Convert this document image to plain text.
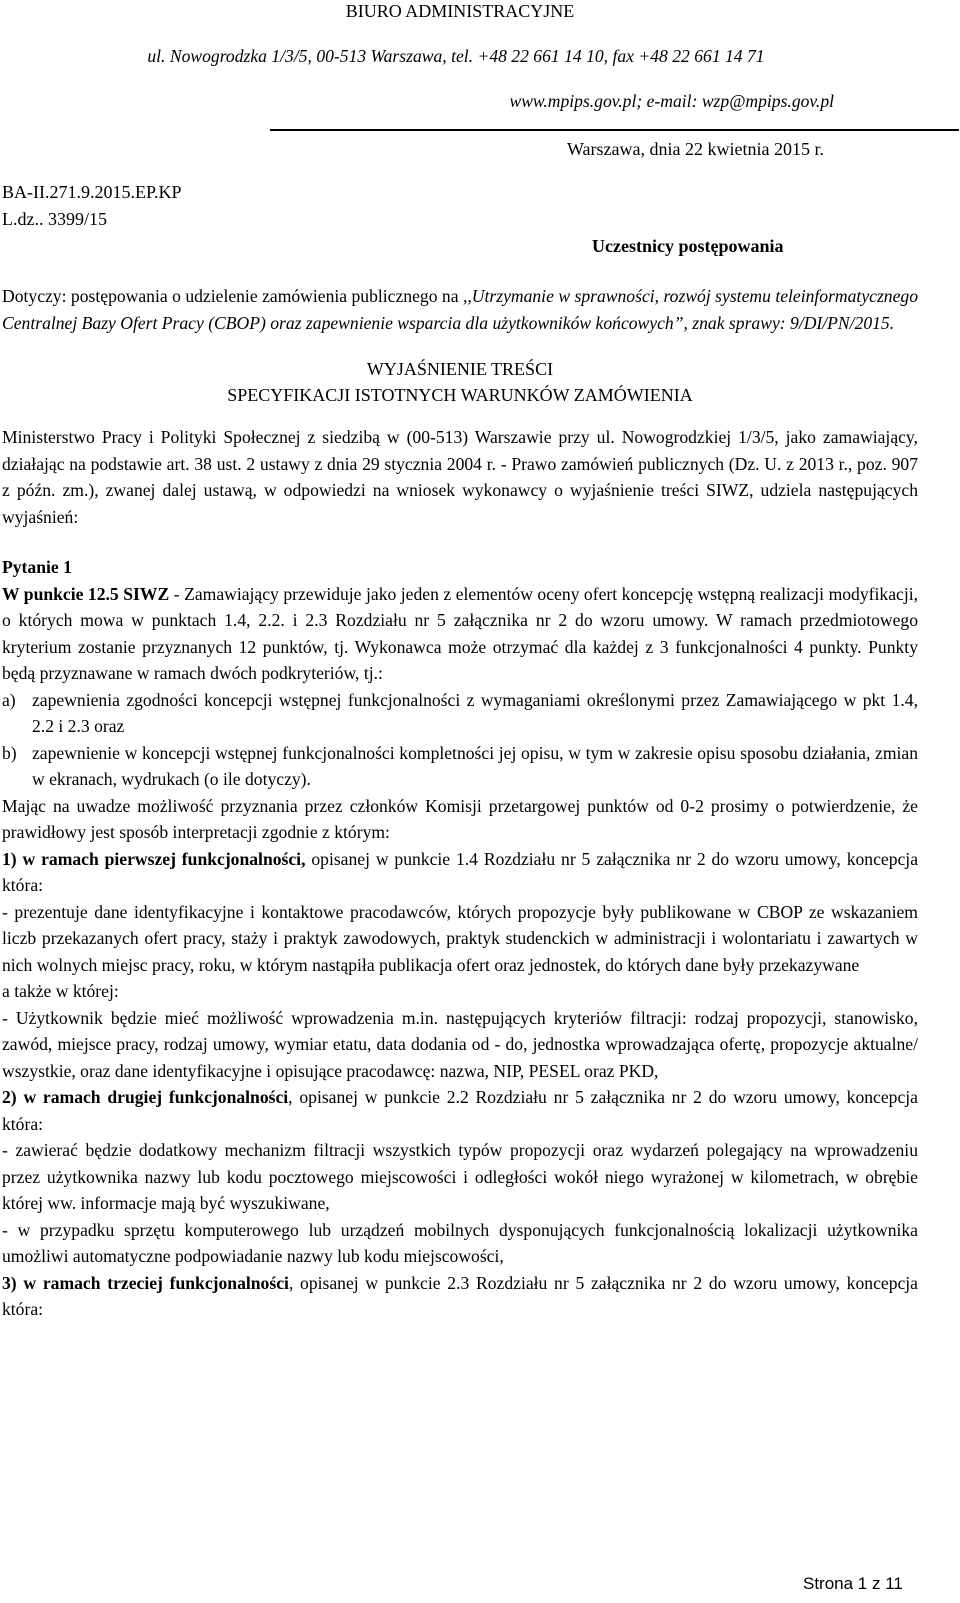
BIURO ADMINISTRACYJNE
ul. Nowogrodzka 1/3/5, 00-513 Warszawa, tel. +48 22 661 14 10, fax +48 22 661 14 71
www.mpips.gov.pl; e-mail: wzp@mpips.gov.pl
Warszawa, dnia 22 kwietnia 2015 r.
BA-II.271.9.2015.EP.KP
L.dz.. 3399/15
Uczestnicy postępowania

Dotyczy: postępowania o udzielenie zamówienia publicznego na ,,Utrzymanie w sprawności, rozwój systemu teleinformatycznego Centralnej Bazy Ofert Pracy (CBOP) oraz zapewnienie wsparcia dla użytkowników końcowych”, znak sprawy: 9/DI/PN/2015.

WYJAŚNIENIE TREŚCI
SPECYFIKACJI ISTOTNYCH WARUNKÓW ZAMÓWIENIA

Ministerstwo Pracy i Polityki Społecznej z siedzibą w (00-513) Warszawie przy ul. Nowogrodzkiej 1/3/5, jako zamawiający, działając na podstawie art. 38 ust. 2 ustawy z dnia 29 stycznia 2004 r. - Prawo zamówień publicznych (Dz. U. z 2013 r., poz. 907 z późn. zm.), zwanej dalej ustawą, w odpowiedzi na wniosek wykonawcy o wyjaśnienie treści SIWZ, udziela następujących wyjaśnień:

Pytanie 1

W punkcie 12.5 SIWZ - Zamawiający przewiduje jako jeden z elementów oceny ofert koncepcję wstępną realizacji modyfikacji, o których mowa w punktach 1.4, 2.2. i 2.3 Rozdziału nr 5 załącznika nr 2 do wzoru umowy. W ramach przedmiotowego kryterium zostanie przyznanych 12 punktów, tj. Wykonawca może otrzymać dla każdej z 3 funkcjonalności 4 punkty. Punkty będą przyznawane w ramach dwóch podkryteriów, tj.:

a) zapewnienia zgodności koncepcji wstępnej funkcjonalności z wymaganiami określonymi przez Zamawiającego w pkt 1.4, 2.2 i 2.3 oraz
b) zapewnienie w koncepcji wstępnej funkcjonalności kompletności jej opisu, w tym w zakresie opisu sposobu działania, zmian w ekranach, wydrukach (o ile dotyczy).

Mając na uwadze możliwość przyznania przez członków Komisji przetargowej punktów od 0-2 prosimy o potwierdzenie, że prawidłowy jest sposób interpretacji zgodnie z którym:

1) w ramach pierwszej funkcjonalności, opisanej w punkcie 1.4 Rozdziału nr 5 załącznika nr 2 do wzoru umowy, koncepcja która:

- prezentuje dane identyfikacyjne i kontaktowe pracodawców, których propozycje były publikowane w CBOP ze wskazaniem liczb przekazanych ofert pracy, staży i praktyk zawodowych, praktyk studenckich w administracji i wolontariatu i zawartych w nich wolnych miejsc pracy, roku, w którym nastąpiła publikacja ofert oraz jednostek, do których dane były przekazywane

a także w której:

- Użytkownik będzie mieć możliwość wprowadzenia m.in. następujących kryteriów filtracji: rodzaj propozycji, stanowisko, zawód, miejsce pracy, rodzaj umowy, wymiar etatu, data dodania od - do, jednostka wprowadzająca ofertę, propozycje aktualne/ wszystkie, oraz dane identyfikacyjne i opisujące pracodawcę: nazwa, NIP, PESEL oraz PKD,

2) w ramach drugiej funkcjonalności, opisanej w punkcie 2.2 Rozdziału nr 5 załącznika nr 2 do wzoru umowy, koncepcja która:

- zawierać będzie dodatkowy mechanizm filtracji wszystkich typów propozycji oraz wydarzeń polegający na wprowadzeniu przez użytkownika nazwy lub kodu pocztowego miejscowości i odległości wokół niego wyrażonej w kilometrach, w obrębie której ww. informacje mają być wyszukiwane,

- w przypadku sprzętu komputerowego lub urządzeń mobilnych dysponujących funkcjonalnością lokalizacji użytkownika umożliwi automatyczne podpowiadanie nazwy lub kodu miejscowości,

3) w ramach trzeciej funkcjonalności, opisanej w punkcie 2.3 Rozdziału nr 5 załącznika nr 2 do wzoru umowy, koncepcja która:

Strona 1 z 11
